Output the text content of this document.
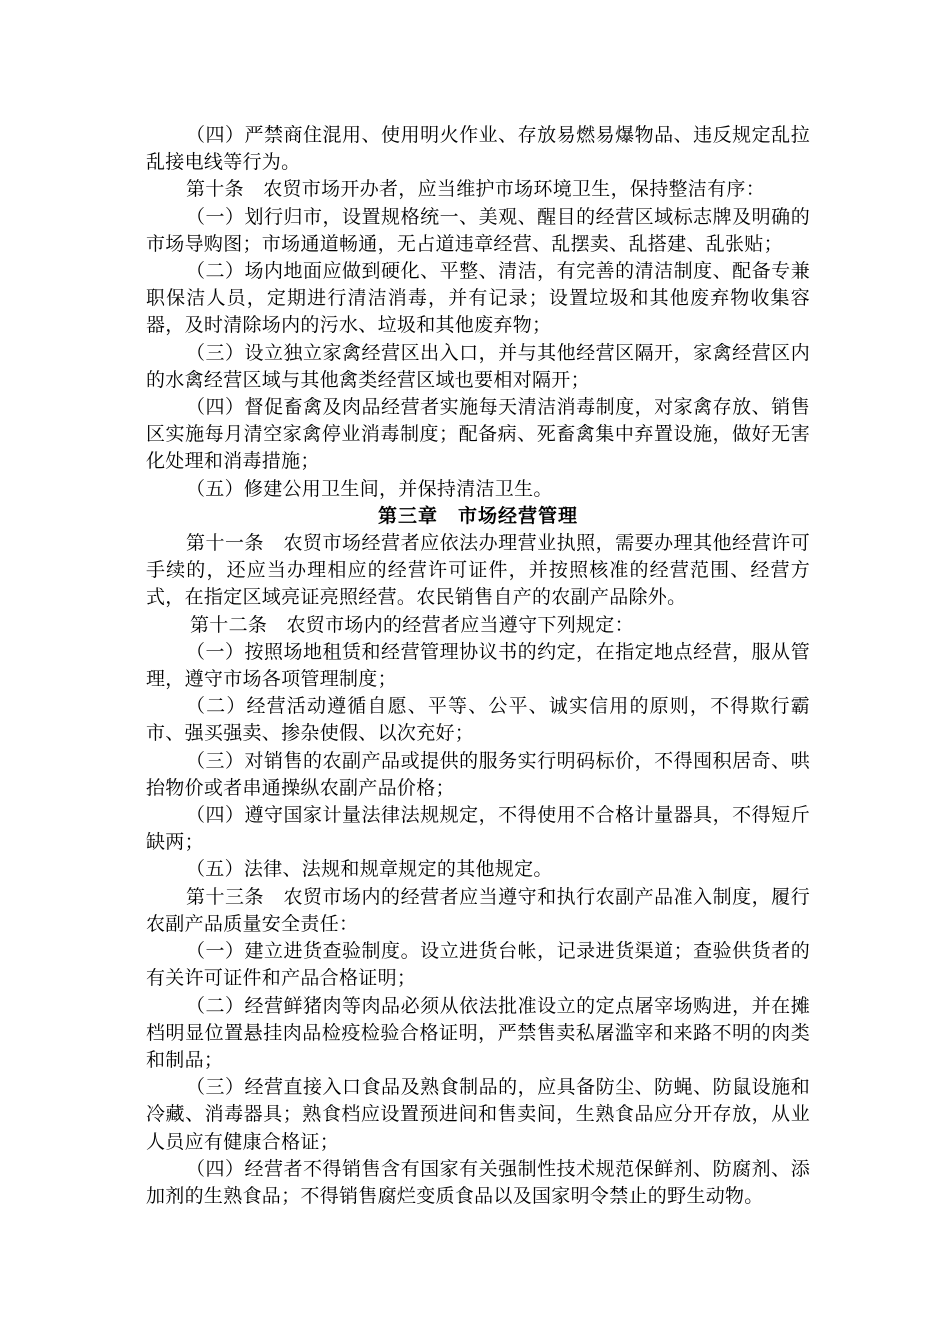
（四）严禁商住混用、使用明火作业、存放易燃易爆物品、违反规定乱拉乱接电线等行为。

第十条　农贸市场开办者，应当维护市场环境卫生，保持整洁有序：

（一）划行归市，设置规格统一、美观、醒目的经营区域标志牌及明确的市场导购图；市场通道畅通，无占道违章经营、乱摆卖、乱搭建、乱张贴；

（二）场内地面应做到硬化、平整、清洁，有完善的清洁制度、配备专兼职保洁人员，定期进行清洁消毒，并有记录；设置垃圾和其他废弃物收集容器，及时清除场内的污水、垃圾和其他废弃物；

（三）设立独立家禽经营区出入口，并与其他经营区隔开，家禽经营区内的水禽经营区域与其他禽类经营区域也要相对隔开；

（四）督促畜禽及肉品经营者实施每天清洁消毒制度，对家禽存放、销售区实施每月清空家禽停业消毒制度；配备病、死畜禽集中弃置设施，做好无害化处理和消毒措施；

（五）修建公用卫生间，并保持清洁卫生。

第三章　市场经营管理

第十一条　农贸市场经营者应依法办理营业执照，需要办理其他经营许可手续的，还应当办理相应的经营许可证件，并按照核准的经营范围、经营方式，在指定区域亮证亮照经营。农民销售自产的农副产品除外。

第十二条　农贸市场内的经营者应当遵守下列规定：

（一）按照场地租赁和经营管理协议书的约定，在指定地点经营，服从管理，遵守市场各项管理制度；

（二）经营活动遵循自愿、平等、公平、诚实信用的原则，不得欺行霸市、强买强卖、掺杂使假、以次充好；

（三）对销售的农副产品或提供的服务实行明码标价，不得囤积居奇、哄抬物价或者串通操纵农副产品价格；

（四）遵守国家计量法律法规规定，不得使用不合格计量器具，不得短斤缺两；

（五）法律、法规和规章规定的其他规定。

第十三条　农贸市场内的经营者应当遵守和执行农副产品准入制度，履行农副产品质量安全责任：

（一）建立进货查验制度。设立进货台帐，记录进货渠道；查验供货者的有关许可证件和产品合格证明；

（二）经营鲜猪肉等肉品必须从依法批准设立的定点屠宰场购进，并在摊档明显位置悬挂肉品检疫检验合格证明，严禁售卖私屠滥宰和来路不明的肉类和制品；

（三）经营直接入口食品及熟食制品的，应具备防尘、防蝇、防鼠设施和冷藏、消毒器具；熟食档应设置预进间和售卖间，生熟食品应分开存放，从业人员应有健康合格证；

（四）经营者不得销售含有国家有关强制性技术规范保鲜剂、防腐剂、添加剂的生熟食品；不得销售腐烂变质食品以及国家明令禁止的野生动物。
